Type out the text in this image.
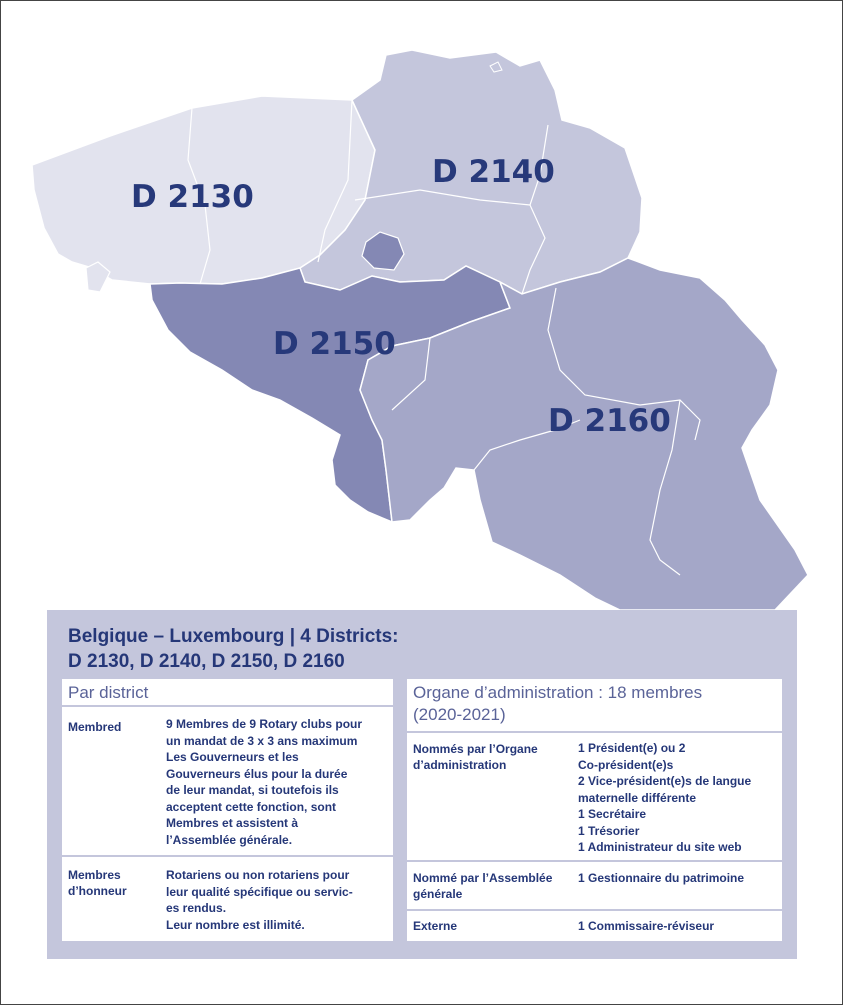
D 2130
D 2140
D 2150
D 2160
Belgique – Luxembourg | 4 Districts:
D 2130, D 2140, D 2150, D 2160
Par district
Membred	9 Membres de 9 Rotary clubs pour
un mandat de 3 x 3 ans maximum
Les Gouverneurs et les
Gouverneurs élus pour la durée
de leur mandat, si toutefois ils
acceptent cette fonction, sont
Membres et assistent à
l’Assemblée générale.
Membres
d’honneur
Rotariens ou non rotariens pour
leur qualité spécifique ou servic-
es rendus.
Leur nombre est illimité.
Organe d’administration : 18 membres
(2020-2021)
Nommés par l’Organe
d’administration
1 Président(e) ou 2
Co-président(e)s
2 Vice-président(e)s de langue
maternelle différente
1 Secrétaire
1 Trésorier
1 Administrateur du site web
Nommé par l’Assemblée
générale
1 Gestionnaire du patrimoine
Externe	1 Commissaire-réviseur
